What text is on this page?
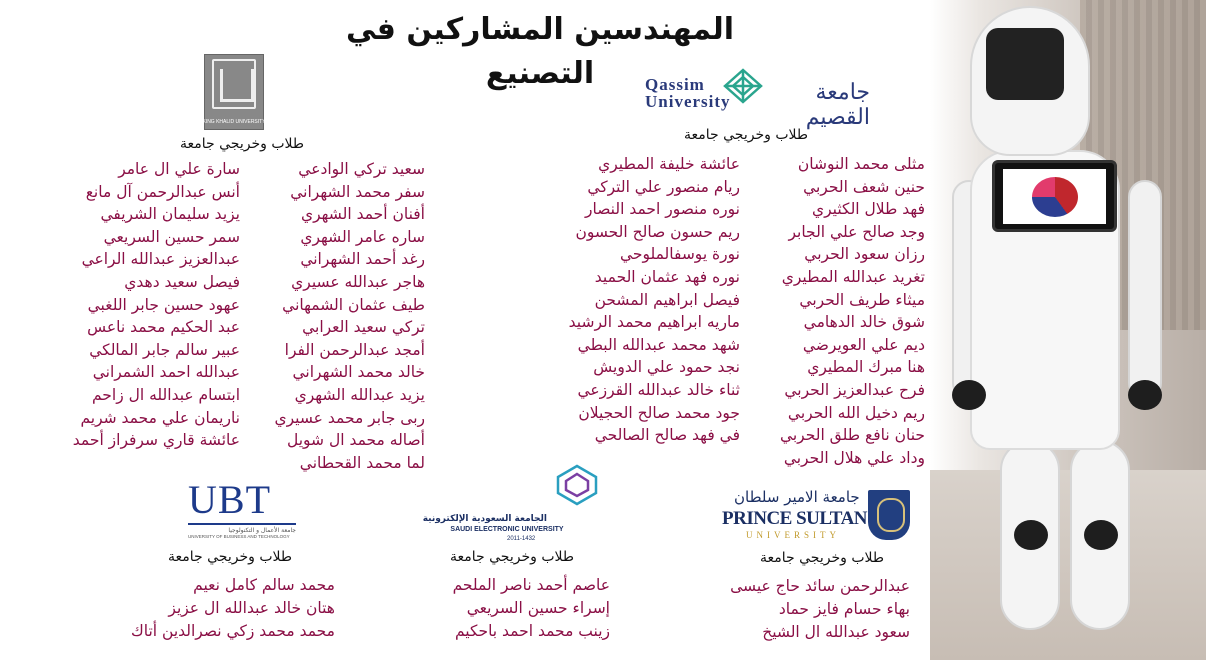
المهندسين المشاركين في التصنيع
KING KHALID UNIVERSITY
طلاب وخريجي جامعة
سعيد تركي الوادعي
سفر محمد الشهراني
أفنان أحمد الشهري
ساره عامر الشهري
رغد أحمد الشهراني
هاجر عبدالله عسيري
طيف عثمان الشمهاني
تركي سعيد العرابي
أمجد عبدالرحمن الفرا
خالد محمد الشهراني
يزيد عبدالله الشهري
ربى جابر محمد عسيري
أصاله محمد ال شويل
لما محمد القحطاني
سارة علي ال عامر
أنس عبدالرحمن آل مانع
يزيد سليمان الشريفي
سمر حسين السريعي
عبدالعزيز عبدالله الراعي
فيصل سعيد دهدي
عهود حسين جابر اللغبي
عبد الحكيم محمد ناعس
عبير سالم جابر المالكي
عبدالله احمد الشمراني
ابتسام عبدالله ال زاحم
ناريمان علي محمد شريم
عائشة قاري سرفراز أحمد
Qassim University	جامعة القصيم
طلاب وخريجي جامعة
مثلى محمد النوشان
حنين شعف الحربي
فهد طلال الكثيري
وجد صالح علي الجابر
رزان سعود الحربي
تغريد عبدالله المطيري
ميثاء طريف الحربي
شوق خالد الدهامي
ديم علي العويرضي
هنا مبرك المطيري
فرح عبدالعزيز الحربي
ريم دخيل الله الحربي
حنان نافع طلق الحربي
وداد علي هلال الحربي
عائشة خليفة المطيري
ريام منصور علي التركي
نوره منصور احمد النصار
ريم حسون صالح الحسون
نورة يوسفالملوحي
نوره فهد عثمان الحميد
فيصل ابراهيم المشحن
ماريه ابراهيم محمد الرشيد
شهد محمد عبدالله البطي
نجد حمود علي الدويش
ثناء خالد عبدالله القرزعي
جود محمد صالح الحجيلان
في فهد صالح الصالحي
UBT
جامعة الأعمال و التكنولوجيا
UNIVERSITY OF BUSINESS AND TECHNOLOGY
طلاب وخريجي جامعة
محمد سالم كامل نعيم
هتان خالد عبدالله ال عزيز
محمد محمد زكي نصرالدين أتاك
الجامعة السعودية الإلكترونية
SAUDI ELECTRONIC UNIVERSITY
2011-1432
طلاب وخريجي جامعة
عاصم أحمد ناصر الملحم
إسراء حسين السريعي
زينب محمد احمد باحكيم
جامعة الامير سلطان
PRINCE SULTAN
UNIVERSITY
طلاب وخريجي جامعة
عبدالرحمن سائد حاج عيسى
بهاء حسام فايز حماد
سعود عبدالله ال الشيخ
